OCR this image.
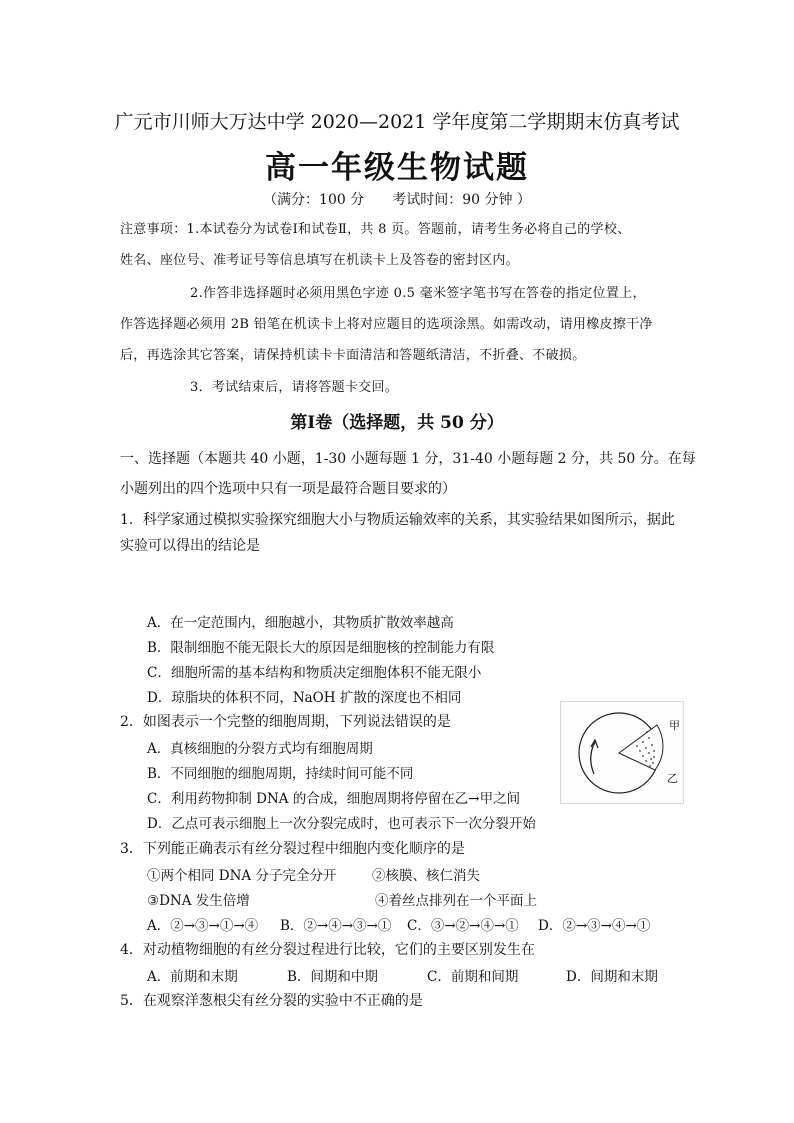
广元市川师大万达中学 2020—2021 学年度第二学期期末仿真考试
高一年级生物试题
（满分：100 分　　考试时间：90 分钟 ）
注意事项：1.本试卷分为试卷Ⅰ和试卷Ⅱ，共 8 页。答题前，请考生务必将自己的学校、
姓名、座位号、准考证号等信息填写在机读卡上及答卷的密封区内。
2.作答非选择题时必须用黑色字迹 0.5 毫米签字笔书写在答卷的指定位置上，
作答选择题必须用 2B 铅笔在机读卡上将对应题目的选项涂黑。如需改动，请用橡皮擦干净
后，再选涂其它答案，请保持机读卡卡面清洁和答题纸清洁，不折叠、不破损。
3．考试结束后，请将答题卡交回。
第Ⅰ卷（选择题，共 50 分）
一、选择题（本题共 40 小题，1-30 小题每题 1 分，31-40 小题每题 2 分，共 50 分。在每
小题列出的四个选项中只有一项是最符合题目要求的）
1．科学家通过模拟实验探究细胞大小与物质运输效率的关系，其实验结果如图所示，据此
实验可以得出的结论是
A．在一定范围内，细胞越小，其物质扩散效率越高
B．限制细胞不能无限长大的原因是细胞核的控制能力有限
C．细胞所需的基本结构和物质决定细胞体积不能无限小
D．琼脂块的体积不同，NaOH 扩散的深度也不相同
2．如图表示一个完整的细胞周期，下列说法错误的是
A．真核细胞的分裂方式均有细胞周期
B．不同细胞的细胞周期，持续时间可能不同
C．利用药物抑制 DNA 的合成，细胞周期将停留在乙→甲之间
D．乙点可表示细胞上一次分裂完成时，也可表示下一次分裂开始
甲
乙
3．下列能正确表示有丝分裂过程中细胞内变化顺序的是
①两个相同 DNA 分子完全分开	②核膜、核仁消失
③DNA 发生倍增	④着丝点排列在一个平面上
A．②→③→①→④ B．②→④→③→① C．③→②→④→① D．②→③→④→①
4．对动植物细胞的有丝分裂过程进行比较，它们的主要区别发生在
A．前期和末期	B．间期和中期	C．前期和间期	D．间期和末期
5．在观察洋葱根尖有丝分裂的实验中不正确的是
